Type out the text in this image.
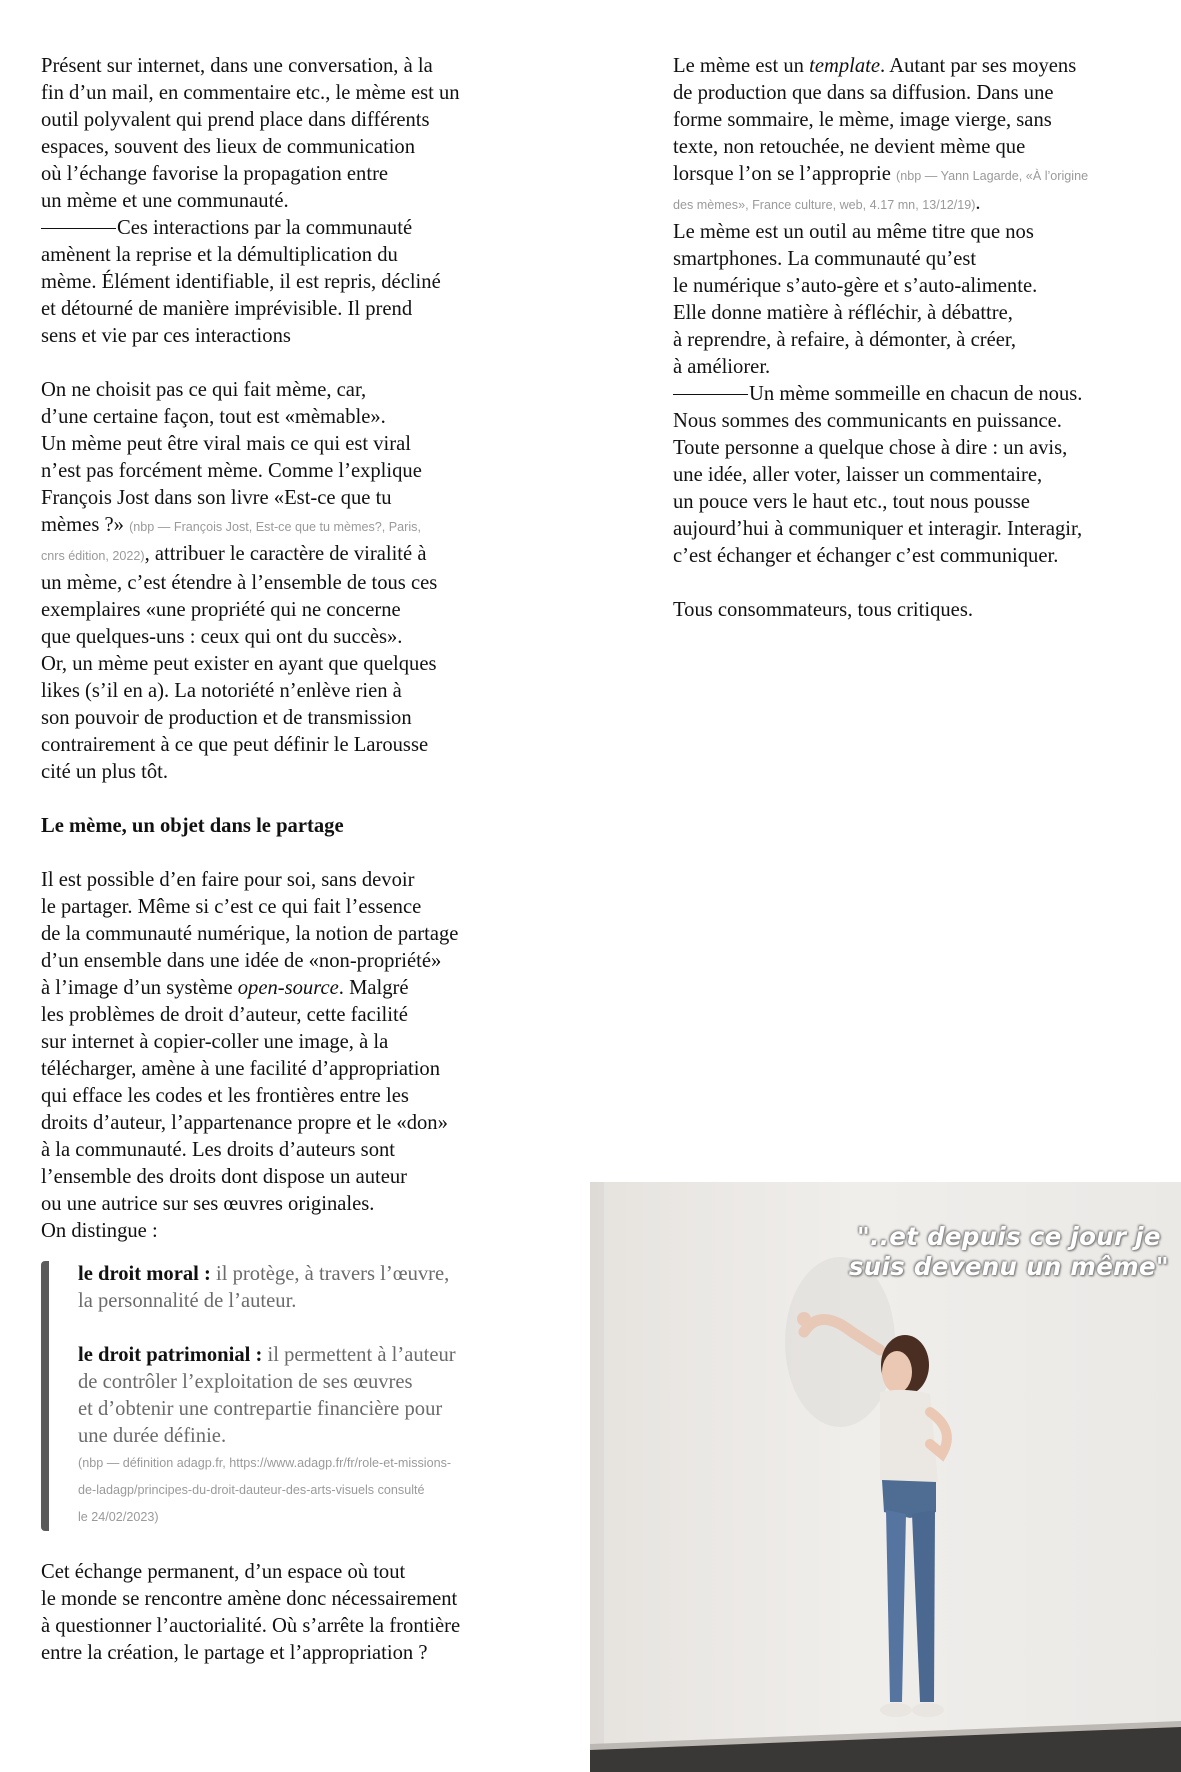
Présent sur internet, dans une conversation, à la
fin d’un mail, en commentaire etc., le mème est un
outil polyvalent qui prend place dans différents
espaces, souvent des lieux de communication
où l’échange favorise la propagation entre
un mème et une communauté.
Ces interactions par la communauté
amènent la reprise et la démultiplication du
mème. Élément identifiable, il est repris, décliné
et détourné de manière imprévisible. Il prend
sens et vie par ces interactions

On ne choisit pas ce qui fait mème, car,
d’une certaine façon, tout est «mèmable».
Un mème peut être viral mais ce qui est viral
n’est pas forcément mème. Comme l’explique
François Jost dans son livre «Est-ce que tu
mèmes ?» (nbp — François Jost, Est-ce que tu mèmes?, Paris,
cnrs édition, 2022), attribuer le caractère de viralité à
un mème, c’est étendre à l’ensemble de tous ces
exemplaires «une propriété qui ne concerne
que quelques-uns : ceux qui ont du succès».
Or, un mème peut exister en ayant que quelques
likes (s’il en a). La notoriété n’enlève rien à
son pouvoir de production et de transmission
contrairement à ce que peut définir le Larousse
cité un plus tôt.

Le mème, un objet dans le partage

Il est possible d’en faire pour soi, sans devoir
le partager. Même si c’est ce qui fait l’essence
de la communauté numérique, la notion de partage
d’un ensemble dans une idée de «non-propriété»
à l’image d’un système open-source. Malgré
les problèmes de droit d’auteur, cette facilité
sur internet à copier-coller une image, à la
télécharger, amène à une facilité d’appropriation
qui efface les codes et les frontières entre les
droits d’auteur, l’appartenance propre et le «don»
à la communauté. Les droits d’auteurs sont
l’ensemble des droits dont dispose un auteur
ou une autrice sur ses œuvres originales.
On distingue :

le droit moral : il protège, à travers l’œuvre,
la personnalité de l’auteur.
le droit patrimonial : il permettent à l’auteur
de contrôler l’exploitation de ses œuvres
et d’obtenir une contrepartie financière pour
une durée définie.
(nbp — définition adagp.fr, https://www.adagp.fr/fr/role-et-missions-
de-ladagp/principes-du-droit-dauteur-des-arts-visuels consulté
le 24/02/2023)

Cet échange permanent, d’un espace où tout
le monde se rencontre amène donc nécessairement
à questionner l’auctorialité. Où s’arrête la frontière
entre la création, le partage et l’appropriation ?

Le mème est un template. Autant par ses moyens
de production que dans sa diffusion. Dans une
forme sommaire, le mème, image vierge, sans
texte, non retouchée, ne devient mème que
lorsque l’on se l’approprie (nbp — Yann Lagarde, «À l’origine
des mèmes», France culture, web, 4.17 mn, 13/12/19).

Le mème est un outil au même titre que nos
smartphones. La communauté qu’est
le numérique s’auto-gère et s’auto-alimente.
Elle donne matière à réfléchir, à débattre,
à reprendre, à refaire, à démonter, à créer,
à améliorer.

Un mème sommeille en chacun de nous.
Nous sommes des communicants en puissance.
Toute personne a quelque chose à dire : un avis,
une idée, aller voter, laisser un commentaire,
un pouce vers le haut etc., tout nous pousse
aujourd’hui à communiquer et interagir. Interagir,
c’est échanger et échanger c’est communiquer.

Tous consommateurs, tous critiques.

"..et depuis ce jour je
suis devenu un même"
